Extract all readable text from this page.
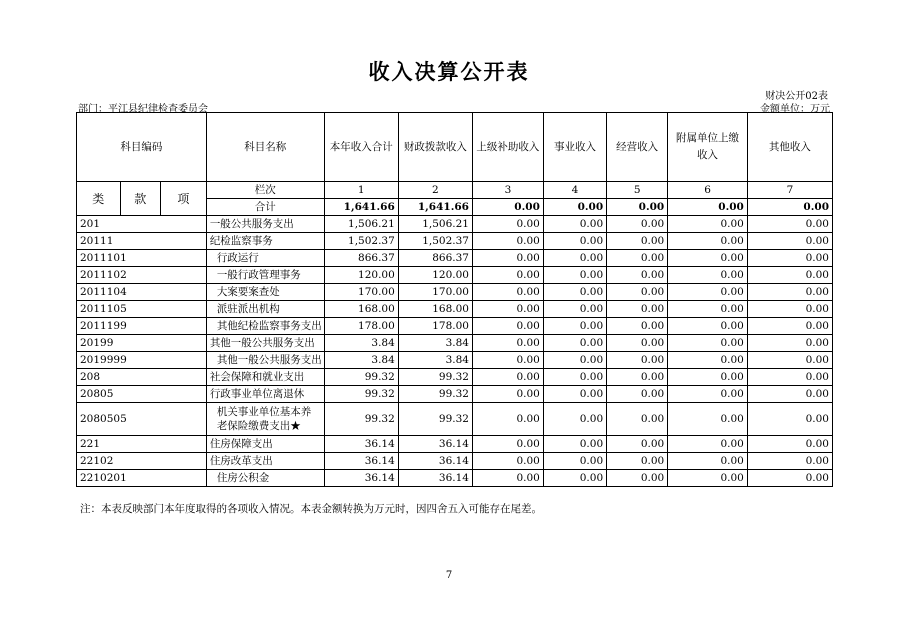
收入决算公开表
财决公开02表
部门：平江县纪律检查委员会	金额单位：万元
科目编码			科目名称	本年收入合计	财政拨款收入	上级补助收入	事业收入	经营收入	附属单位上缴收入	其他收入
类	款	项	栏次	1	2	3	4	5	6	7
			合计	1,641.66	1,641.66	0.00	0.00	0.00	0.00	0.00
201			一般公共服务支出	1,506.21	1,506.21	0.00	0.00	0.00	0.00	0.00
20111			纪检监察事务	1,502.37	1,502.37	0.00	0.00	0.00	0.00	0.00
2011101			行政运行	866.37	866.37	0.00	0.00	0.00	0.00	0.00
2011102			一般行政管理事务	120.00	120.00	0.00	0.00	0.00	0.00	0.00
2011104			大案要案查处	170.00	170.00	0.00	0.00	0.00	0.00	0.00
2011105			派驻派出机构	168.00	168.00	0.00	0.00	0.00	0.00	0.00
2011199			其他纪检监察事务支出	178.00	178.00	0.00	0.00	0.00	0.00	0.00
20199			其他一般公共服务支出	3.84	3.84	0.00	0.00	0.00	0.00	0.00
2019999			其他一般公共服务支出	3.84	3.84	0.00	0.00	0.00	0.00	0.00
208			社会保障和就业支出	99.32	99.32	0.00	0.00	0.00	0.00	0.00
20805			行政事业单位离退休	99.32	99.32	0.00	0.00	0.00	0.00	0.00
2080505			机关事业单位基本养老保险缴费支出★	99.32	99.32	0.00	0.00	0.00	0.00	0.00
221			住房保障支出	36.14	36.14	0.00	0.00	0.00	0.00	0.00
22102			住房改革支出	36.14	36.14	0.00	0.00	0.00	0.00	0.00
2210201			住房公积金	36.14	36.14	0.00	0.00	0.00	0.00	0.00
注：本表反映部门本年度取得的各项收入情况。本表金额转换为万元时，因四舍五入可能存在尾差。
7
